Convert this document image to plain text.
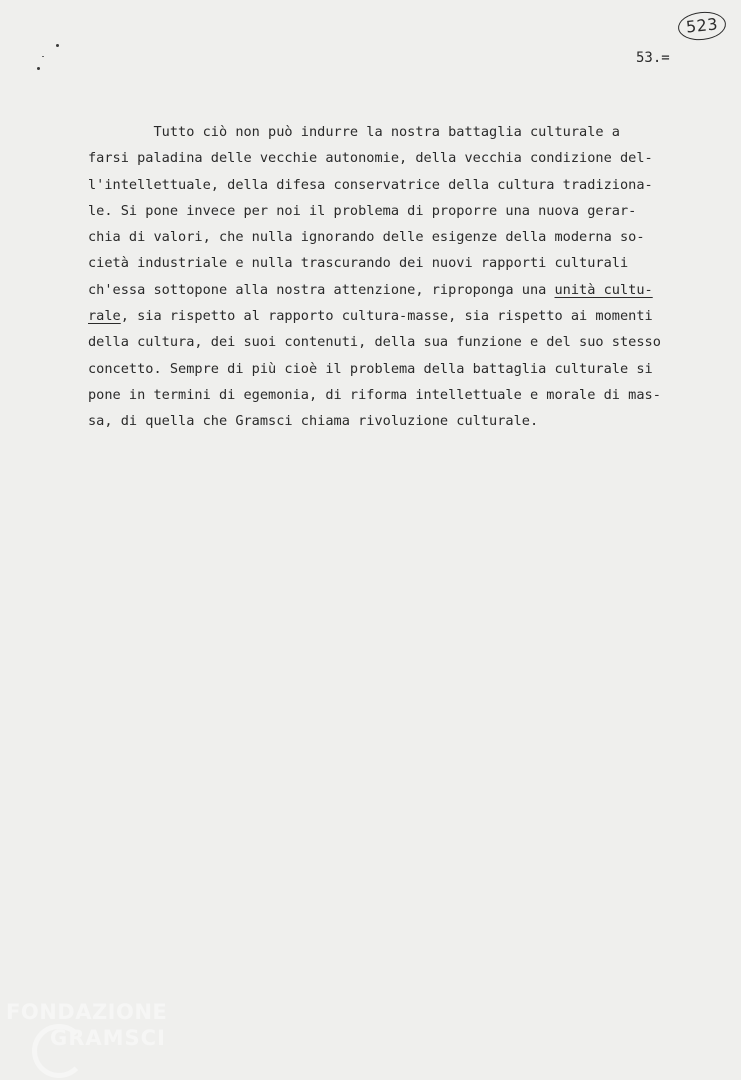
523
53.=
Tutto ciò non può indurre la nostra battaglia culturale a
farsi paladina delle vecchie autonomie, della vecchia condizione del-
l'intellettuale, della difesa conservatrice della cultura tradiziona-
le. Si pone invece per noi il problema di proporre una nuova gerar-
chia di valori, che nulla ignorando delle esigenze della moderna so-
cietà industriale e nulla trascurando dei nuovi rapporti culturali
ch'essa sottopone alla nostra attenzione, riproponga una unità cultu-
rale, sia rispetto al rapporto cultura-masse, sia rispetto ai momenti
della cultura, dei suoi contenuti, della sua funzione e del suo stesso
concetto. Sempre di più cioè il problema della battaglia culturale si
pone in termini di egemonia, di riforma intellettuale e morale di mas-
sa, di quella che Gramsci chiama rivoluzione culturale.
FONDAZIONE
GRAMSCI
